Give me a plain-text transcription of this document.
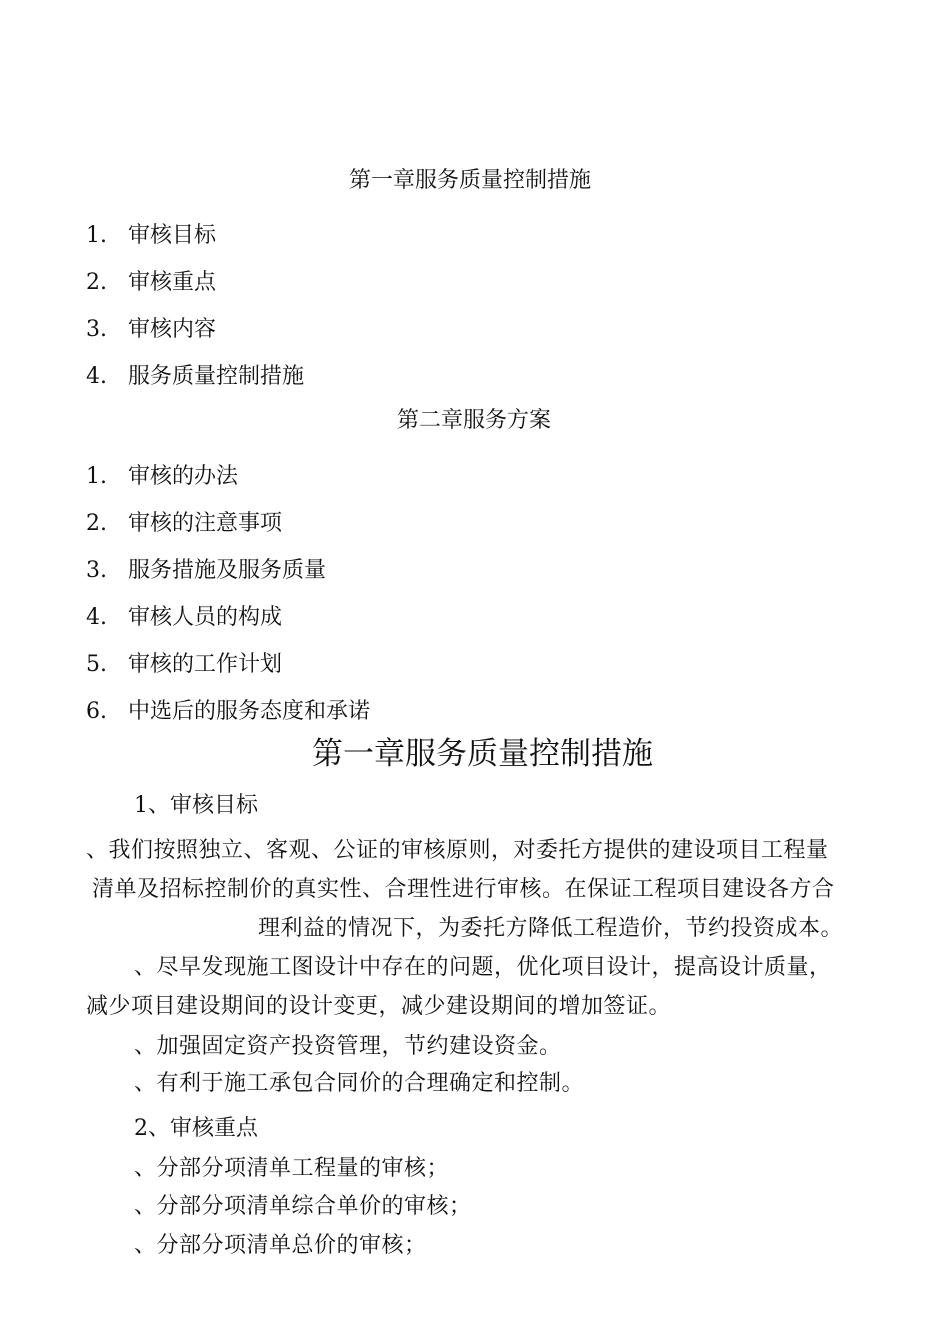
第一章服务质量控制措施
1. 审核目标
2. 审核重点
3. 审核内容
4. 服务质量控制措施
第二章服务方案
1. 审核的办法
2. 审核的注意事项
3. 服务措施及服务质量
4. 审核人员的构成
5. 审核的工作计划
6. 中选后的服务态度和承诺
第一章服务质量控制措施
1、审核目标
、我们按照独立、客观、公证的审核原则，对委托方提供的建设项目工程量
清单及招标控制价的真实性、合理性进行审核。在保证工程项目建设各方合
理利益的情况下，为委托方降低工程造价，节约投资成本。
、尽早发现施工图设计中存在的问题，优化项目设计，提高设计质量，
减少项目建设期间的设计变更，减少建设期间的增加签证。
、加强固定资产投资管理，节约建设资金。
、有利于施工承包合同价的合理确定和控制。
2、审核重点
、分部分项清单工程量的审核；
、分部分项清单综合单价的审核；
、分部分项清单总价的审核；
